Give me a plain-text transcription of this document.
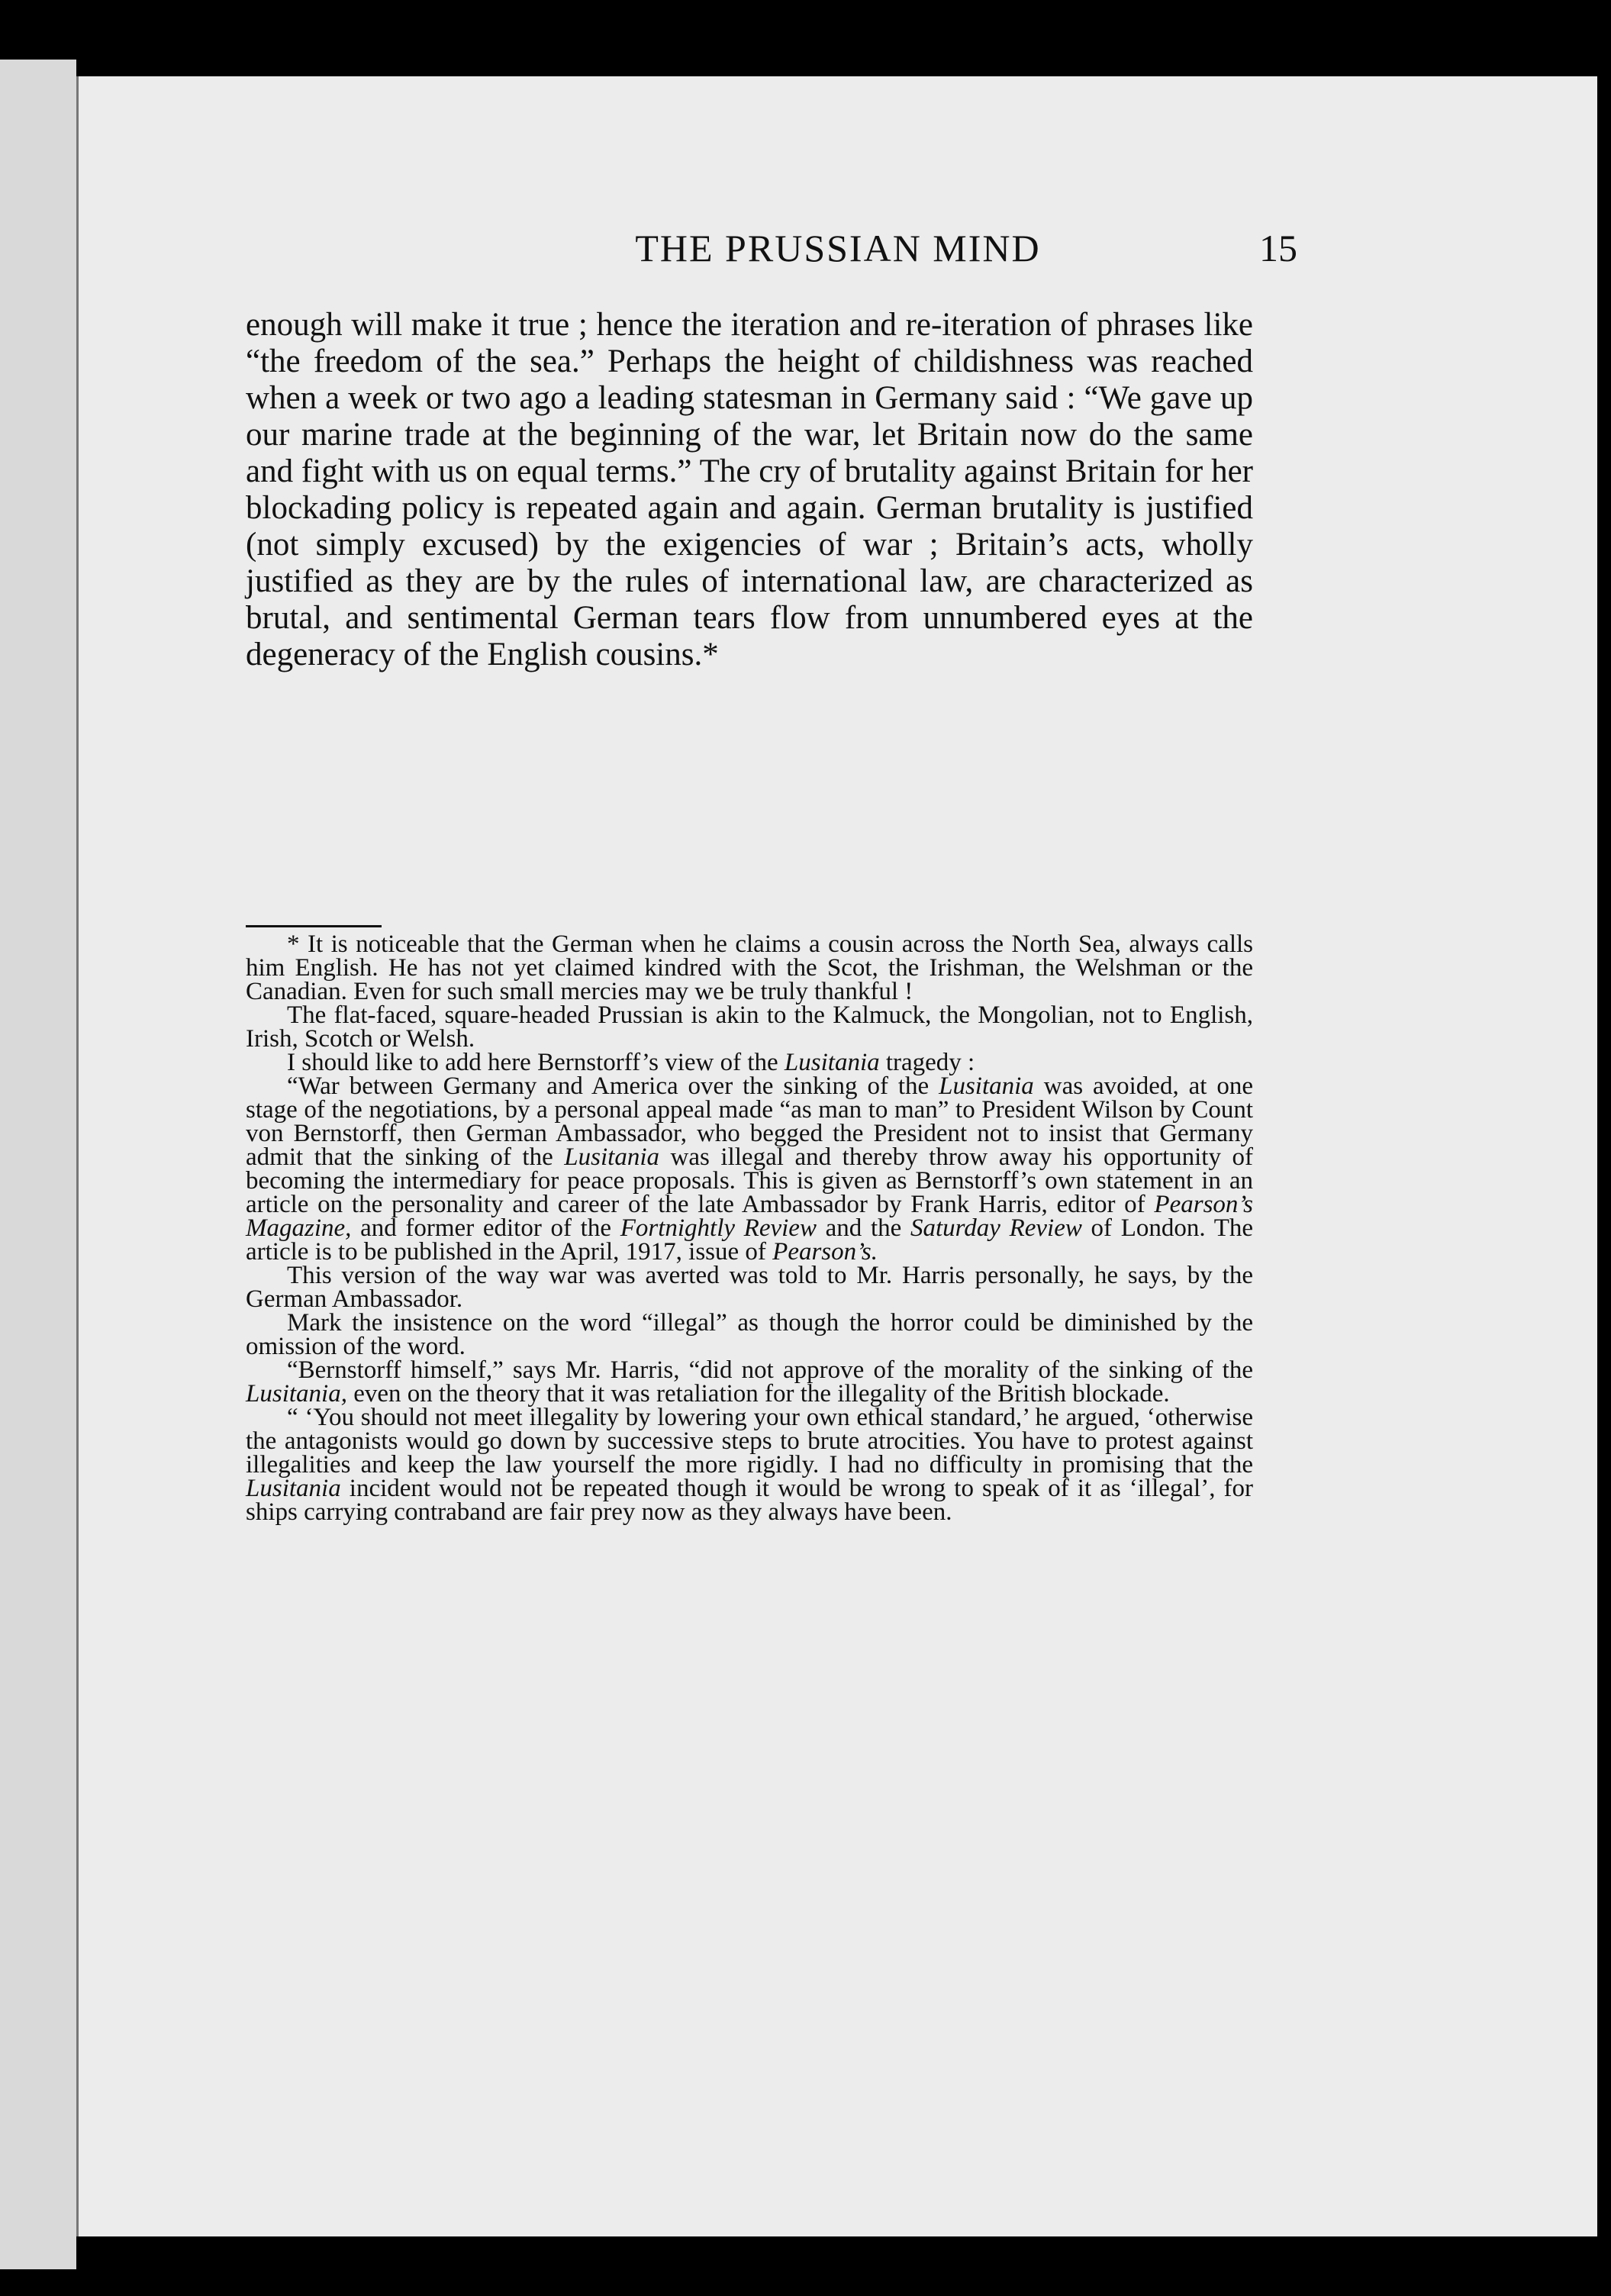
THE PRUSSIAN MIND	15

enough will make it true ; hence the iteration and re-iteration of phrases like “the freedom of the sea.” Perhaps the height of childishness was reached when a week or two ago a leading statesman in Germany said : “We gave up our marine trade at the beginning of the war, let Britain now do the same and fight with us on equal terms.” The cry of brutality against Britain for her blockading policy is repeated again and again. German brutality is justified (not simply excused) by the exigencies of war ; Britain’s acts, wholly justified as they are by the rules of international law, are characterized as brutal, and sentimental German tears flow from unnumbered eyes at the degeneracy of the English cousins.*

* It is noticeable that the German when he claims a cousin across the North Sea, always calls him English. He has not yet claimed kindred with the Scot, the Irishman, the Welshman or the Canadian. Even for such small mercies may we be truly thankful !

The flat-faced, square-headed Prussian is akin to the Kalmuck, the Mongolian, not to English, Irish, Scotch or Welsh.

I should like to add here Bernstorff’s view of the Lusitania tragedy :

“War between Germany and America over the sinking of the Lusitania was avoided, at one stage of the negotiations, by a personal appeal made “as man to man” to President Wilson by Count von Bernstorff, then German Ambassador, who begged the President not to insist that Germany admit that the sinking of the Lusitania was illegal and thereby throw away his opportunity of becoming the intermediary for peace proposals. This is given as Bernstorff’s own statement in an article on the personality and career of the late Ambassador by Frank Harris, editor of Pearson’s Magazine, and former editor of the Fortnightly Review and the Saturday Review of London. The article is to be published in the April, 1917, issue of Pearson’s.

This version of the way war was averted was told to Mr. Harris personally, he says, by the German Ambassador.

Mark the insistence on the word “illegal” as though the horror could be diminished by the omission of the word.

“Bernstorff himself,” says Mr. Harris, “did not approve of the morality of the sinking of the Lusitania, even on the theory that it was retaliation for the illegality of the British blockade.

“ ‘You should not meet illegality by lowering your own ethical standard,’ he argued, ‘otherwise the antagonists would go down by successive steps to brute atrocities. You have to protest against illegalities and keep the law yourself the more rigidly. I had no difficulty in promising that the Lusitania incident would not be repeated though it would be wrong to speak of it as ‘illegal’, for ships carrying contraband are fair prey now as they always have been.
